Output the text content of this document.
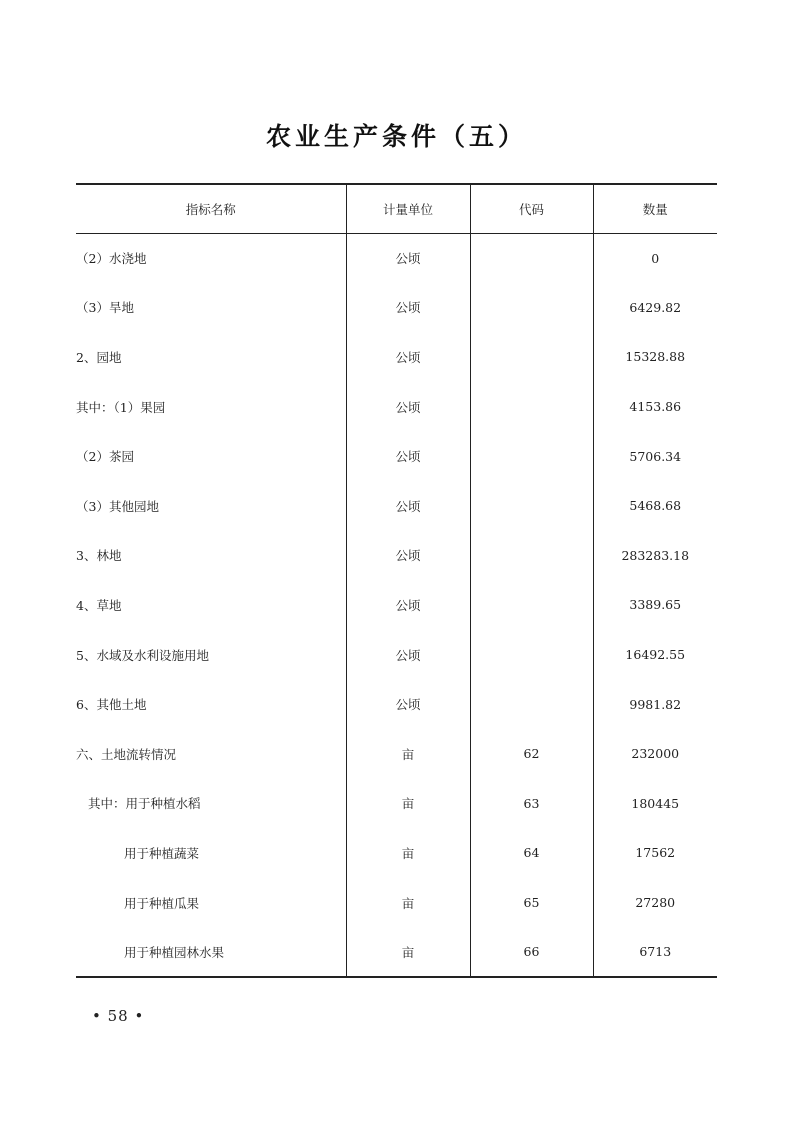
农业生产条件（五）
指标名称	计量单位	代码	数量
（2）水浇地	公顷		0
（3）旱地	公顷		6429.82
2、园地	公顷		15328.88
其中：（1）果园	公顷		4153.86
（2）茶园	公顷		5706.34
（3）其他园地	公顷		5468.68
3、林地	公顷		283283.18
4、草地	公顷		3389.65
5、水域及水利设施用地	公顷		16492.55
6、其他土地	公顷		9981.82
六、土地流转情况	亩	62	232000
其中：用于种植水稻	亩	63	180445
用于种植蔬菜	亩	64	17562
用于种植瓜果	亩	65	27280
用于种植园林水果	亩	66	6713
• 58 •
